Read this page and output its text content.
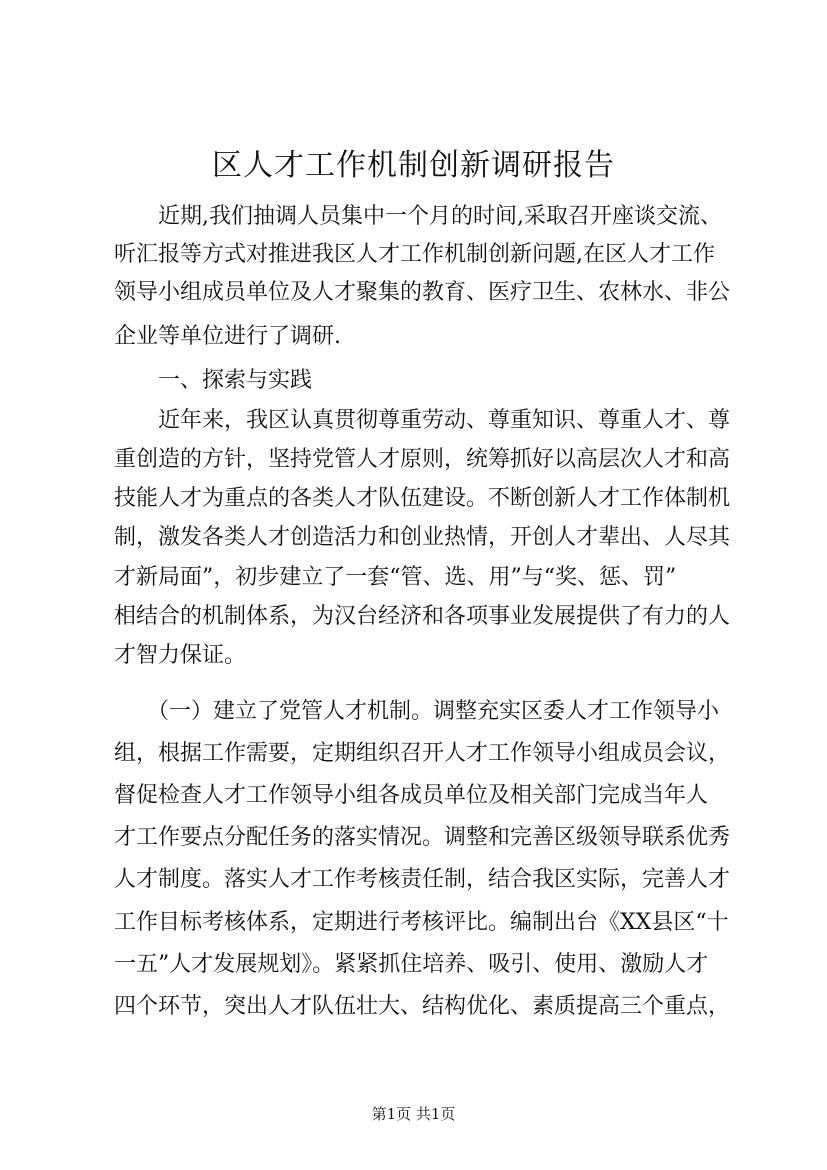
区人才工作机制创新调研报告
　　近期,我们抽调人员集中一个月的时间,采取召开座谈交流、
听汇报等方式对推进我区人才工作机制创新问题,在区人才工作
领导小组成员单位及人才聚集的教育、医疗卫生、农林水、非公
企业等单位进行了调研.
　　一、探索与实践
　　近年来，我区认真贯彻尊重劳动、尊重知识、尊重人才、尊
重创造的方针，坚持党管人才原则，统筹抓好以高层次人才和高
技能人才为重点的各类人才队伍建设。不断创新人才工作体制机
制，激发各类人才创造活力和创业热情，开创人才辈出、人尽其
才新局面”，初步建立了一套“管、选、用”与“奖、惩、罚”
相结合的机制体系，为汉台经济和各项事业发展提供了有力的人
才智力保证。
　　（一）建立了党管人才机制。调整充实区委人才工作领导小
组，根据工作需要，定期组织召开人才工作领导小组成员会议，
督促检查人才工作领导小组各成员单位及相关部门完成当年人
才工作要点分配任务的落实情况。调整和完善区级领导联系优秀
人才制度。落实人才工作考核责任制，结合我区实际，完善人才
工作目标考核体系，定期进行考核评比。编制出台《XX县区“十
一五”人才发展规划》。紧紧抓住培养、吸引、使用、激励人才
四个环节，突出人才队伍壮大、结构优化、素质提高三个重点，
第1页 共1页
